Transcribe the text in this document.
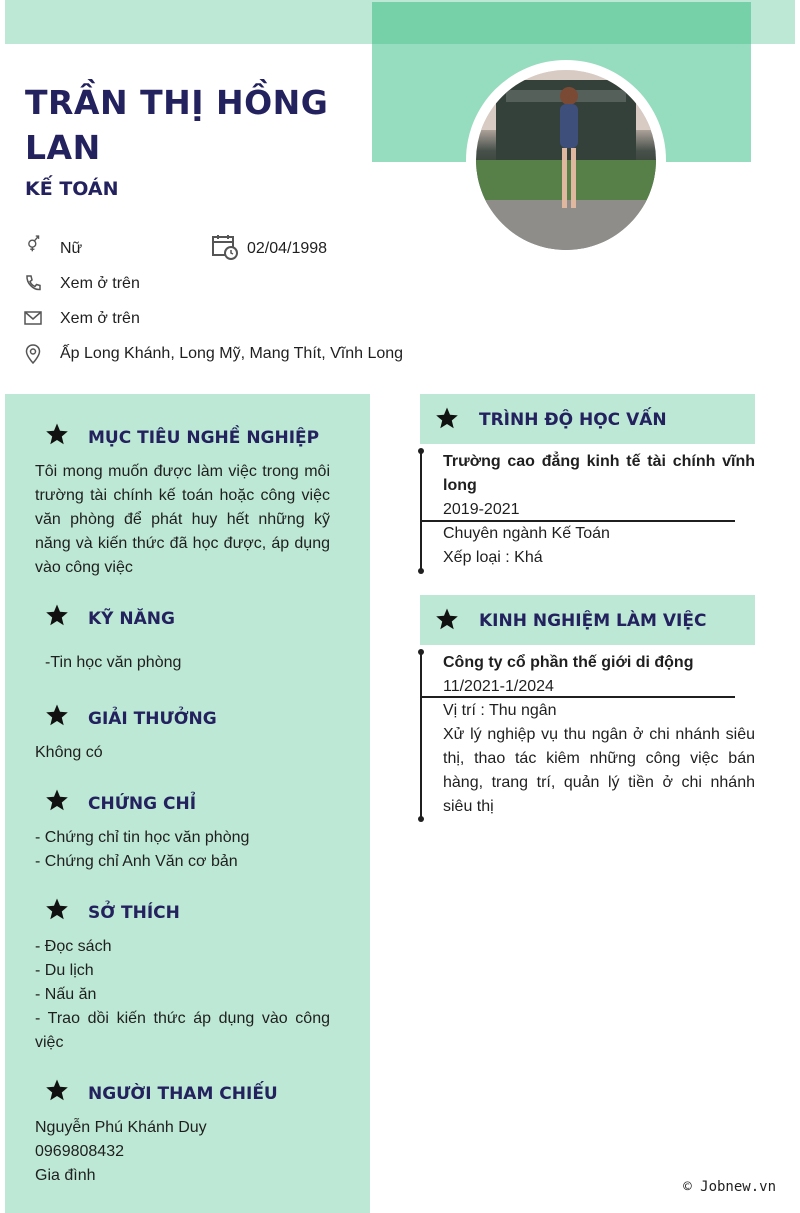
TRẦN THỊ HỒNG LAN
KẾ TOÁN
Nữ	02/04/1998
Xem ở trên
Xem ở trên
Ấp Long Khánh, Long Mỹ, Mang Thít, Vĩnh Long
MỤC TIÊU NGHỀ NGHIỆP
Tôi mong muốn được làm việc trong môi trường tài chính kế toán hoặc công việc văn phòng để phát huy hết những kỹ năng và kiến thức đã học được, áp dụng vào công việc
KỸ NĂNG
-Tin học văn phòng
GIẢI THƯỞNG
Không có
CHỨNG CHỈ
- Chứng chỉ tin học văn phòng
- Chứng chỉ Anh Văn cơ bản
SỞ THÍCH
- Đọc sách
- Du lịch
- Nấu ăn
- Trao dồi kiến thức áp dụng vào công việc
NGƯỜI THAM CHIẾU
Nguyễn Phú Khánh Duy
0969808432
Gia đình
TRÌNH ĐỘ HỌC VẤN
Trường cao đẳng kinh tế tài chính vĩnh long
2019-2021
Chuyên ngành Kế Toán
Xếp loại : Khá
KINH NGHIỆM LÀM VIỆC
Công ty cổ phần thế giới di động
11/2021-1/2024
Vị trí : Thu ngân
Xử lý nghiệp vụ thu ngân ở chi nhánh siêu thị, thao tác kiêm những công việc bán hàng, trang trí, quản lý tiền ở chi nhánh siêu thị
© Jobnew.vn
